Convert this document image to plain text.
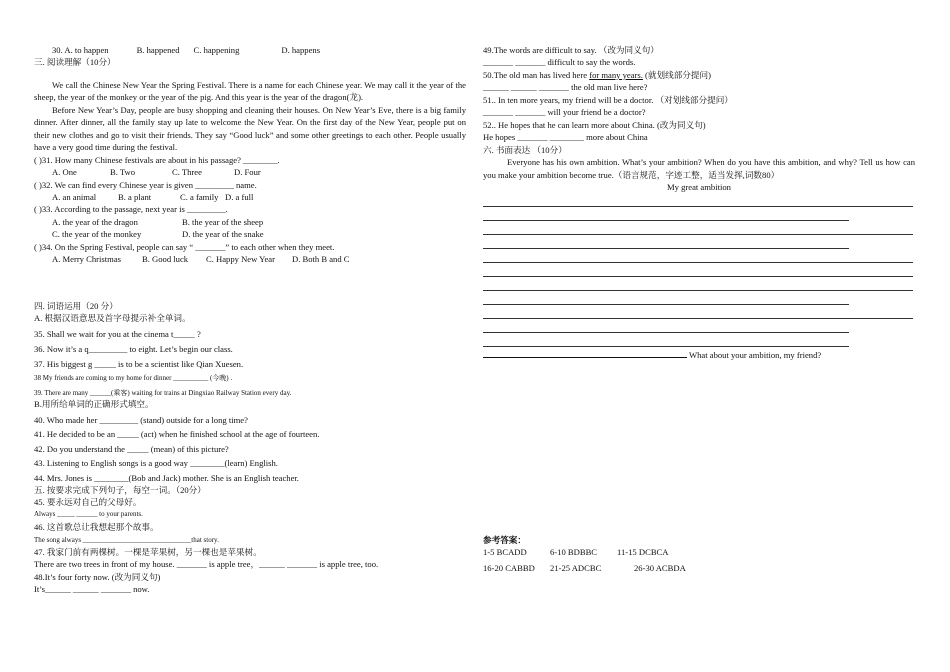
30. A. to happen	B. happened C. happening	D. happens
三. 阅读理解（10分）

We call the Chinese New Year the Spring Festival. There is a name for each Chinese year. We may call it the year of the sheep, the year of the monkey or the year of the pig. And this year is the year of the dragon(龙).

Before New Year’s Day, people are busy shopping and cleaning their houses. On New Year’s Eve, there is a big family dinner. After dinner, all the family stay up late to welcome the New Year. On the first day of the New Year, people put on their new clothes and go to visit their friends. They say “Good luck” and some other greetings to each other. People usually have a very good time during the festival.

( )31. How many Chinese festivals are about in his passage? ________.
A. One	B. Two	C. Three	D. Four
( )32. We can find every Chinese year is given _________ name.
A. an animal	B. a plant	C. a family D. a full
( )33. According to the passage, next year is _________.
A. the year of the dragon	B. the year of the sheep
C. the year of the monkey	D. the year of the snake
( )34. On the Spring Festival, people can say “ _______” to each other when they meet.
A. Merry Christmas B. Good luck C. Happy New Year D. Both B and C
四. 词语运用（20 分）
A. 根据汉语意思及首字母提示补全单词。
35. Shall we wait for you at the cinema t_____ ?
36. Now it’s a q_________ to eight. Let’s begin our class.
37. His biggest g _____ is to be a scientist like Qian Xuesen.
38 My friends are coming to my home for dinner __________ (今晚) .
39. There are many ______(乘客) waiting for trains at Dingxiao Railway Station every day.
B.用所给单词的正确形式填空。
40. Who made her _________ (stand) outside for a long time?
41. He decided to be an _____ (act) when he finished school at the age of fourteen.
42. Do you understand the _____ (mean) of this picture?
43. Listening to English songs is a good way ________(learn) English.
44. Mrs. Jones is ________(Bob and Jack) mother. She is an English teacher.
五. 按要求完成下列句子，每空一词。（20分）
45. 要永远对自己的父母好。
Always _____ ______ to your parents.
46. 这首歌总让我想起那个故事。
The song always _______________________________that story.
47. 我家门前有两棵树。一棵是苹果树，另一棵也是苹果树。
There are two trees in front of my house. _______ is apple tree，______ _______ is apple tree, too.
48.It’s four forty now. (改为同义句)
It’s______ ______ _______ now.
49.The words are difficult to say. （改为同义句）
_______ _______ difficult to say the words.
50.The old man has lived here for many years. (就划线部分提问)
______ ______ _______ the old man live here?
51.. In ten more years, my friend will be a doctor. （对划线部分提问）
_______ _______ will your friend be a doctor?
52.. He hopes that he can learn more about China. (改为同义句)
He hopes _______ ________ more about China
六. 书面表达 （10分）

Everyone has his own ambition. What’s your ambition? When do you have this ambition, and why? Tell us how can you make your ambition become true.（语言规范，字迹工整，适当发挥,词数80）

My great ambition
What about your ambition, my friend?
参考答案：
1-5 BCADD	6-10 BDBBC 11-15 DCBCA
16-20 CABBD 21-25 ADCBC	26-30 ACBDA
